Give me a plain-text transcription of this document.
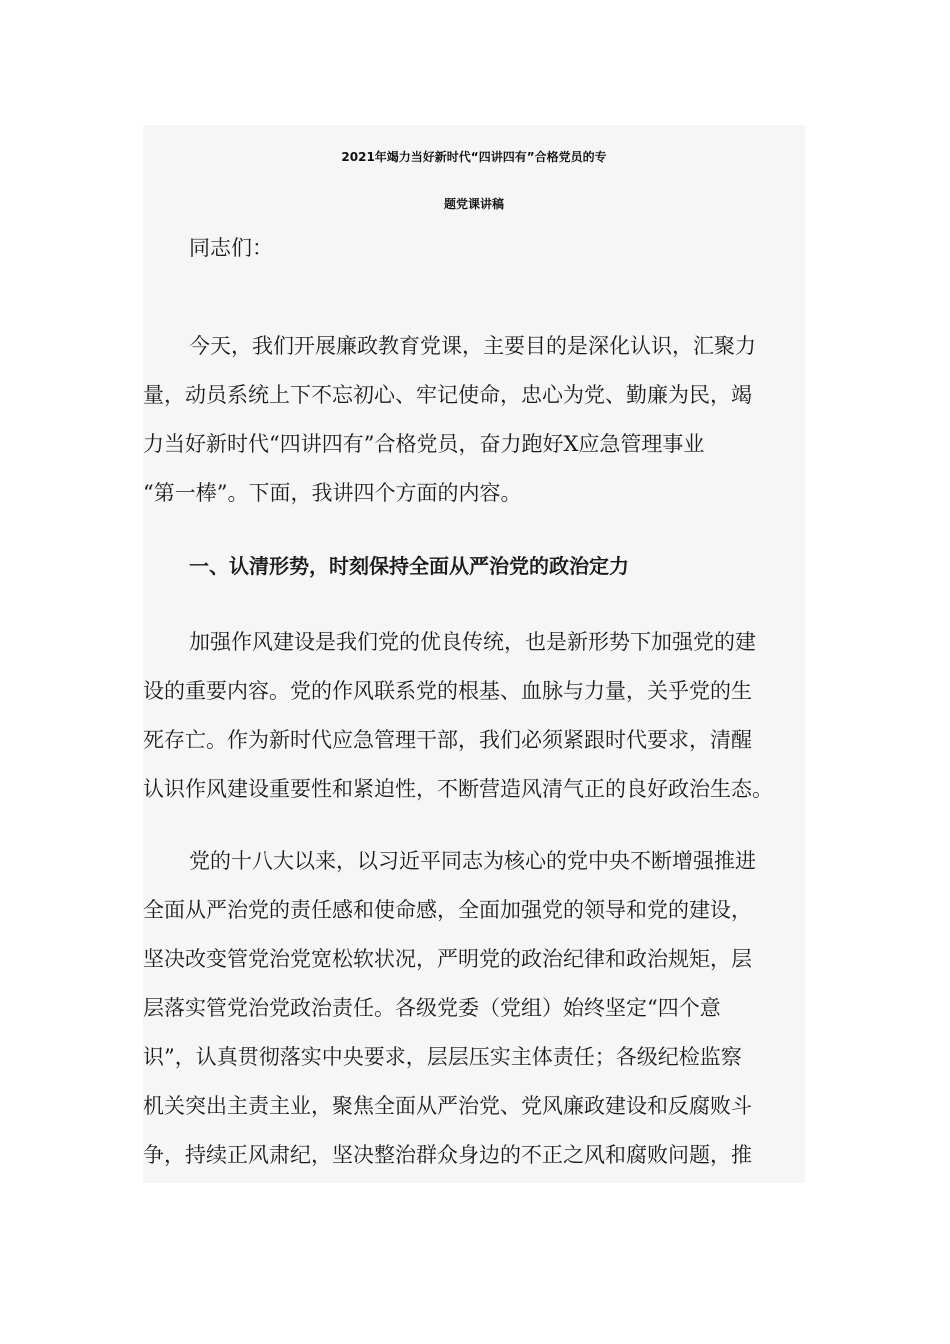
2021年竭力当好新时代“四讲四有”合格党员的专
题党课讲稿
同志们：
今天，我们开展廉政教育党课，主要目的是深化认识，汇聚力
量，动员系统上下不忘初心、牢记使命，忠心为党、勤廉为民，竭
力当好新时代“四讲四有”合格党员，奋力跑好X应急管理事业
“第一棒”。下面，我讲四个方面的内容。
一、认清形势，时刻保持全面从严治党的政治定力
加强作风建设是我们党的优良传统，也是新形势下加强党的建
设的重要内容。党的作风联系党的根基、血脉与力量，关乎党的生
死存亡。作为新时代应急管理干部，我们必须紧跟时代要求，清醒
认识作风建设重要性和紧迫性，不断营造风清气正的良好政治生态。
党的十八大以来，以习近平同志为核心的党中央不断增强推进
全面从严治党的责任感和使命感，全面加强党的领导和党的建设，
坚决改变管党治党宽松软状况，严明党的政治纪律和政治规矩，层
层落实管党治党政治责任。各级党委（党组）始终坚定“四个意
识”，认真贯彻落实中央要求，层层压实主体责任；各级纪检监察
机关突出主责主业，聚焦全面从严治党、党风廉政建设和反腐败斗
争，持续正风肃纪，坚决整治群众身边的不正之风和腐败问题，推
